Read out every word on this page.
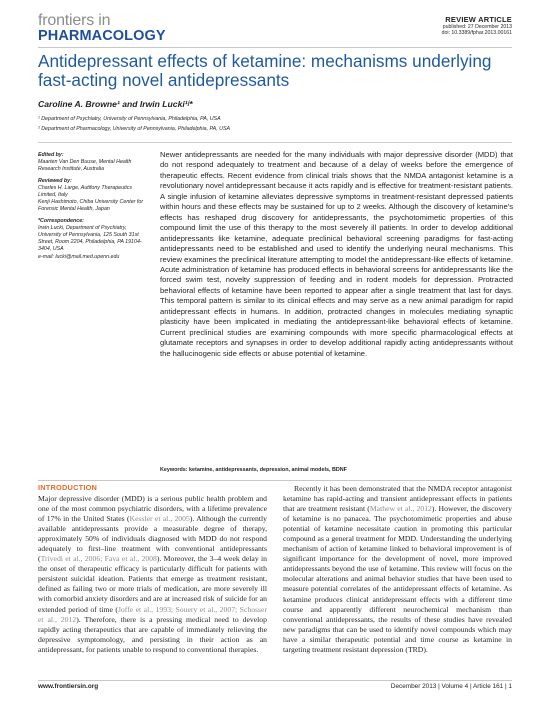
frontiers in
PHARMACOLOGY
REVIEW ARTICLE
published: 27 December 2013
doi: 10.3389/fphar.2013.00161
Antidepressant effects of ketamine: mechanisms underlying fast-acting novel antidepressants
Caroline A. Browne¹ and Irwin Lucki¹ʲ*
¹ Department of Psychiatry, University of Pennsylvania, Philadelphia, PA, USA
² Department of Pharmacology, University of Pennsylvania, Philadelphia, PA, USA
Edited by:
Maarten Van Den Buuse, Mental Health Research Institute, Australia
Reviewed by:
Charles H. Large, Autifony Therapeutics Limited, Italy
Kenji Hashimoto, Chiba University Center for Forensic Mental Health, Japan
*Correspondence:
Irwin Lucki, Department of Psychiatry, University of Pennsylvania, 125 South 31st Street, Room 2204, Philadelphia, PA 19104-3404, USA
e-mail: lucki@mail.med.upenn.edu
Newer antidepressants are needed for the many individuals with major depressive disorder (MDD) that do not respond adequately to treatment and because of a delay of weeks before the emergence of therapeutic effects. Recent evidence from clinical trials shows that the NMDA antagonist ketamine is a revolutionary novel antidepressant because it acts rapidly and is effective for treatment-resistant patients. A single infusion of ketamine alleviates depressive symptoms in treatment-resistant depressed patients within hours and these effects may be sustained for up to 2 weeks. Although the discovery of ketamine's effects has reshaped drug discovery for antidepressants, the psychotomimetic properties of this compound limit the use of this therapy to the most severely ill patients. In order to develop additional antidepressants like ketamine, adequate preclinical behavioral screening paradigms for fast-acting antidepressants need to be established and used to identify the underlying neural mechanisms. This review examines the preclinical literature attempting to model the antidepressant-like effects of ketamine. Acute administration of ketamine has produced effects in behavioral screens for antidepressants like the forced swim test, novelty suppression of feeding and in rodent models for depression. Protracted behavioral effects of ketamine have been reported to appear after a single treatment that last for days. This temporal pattern is similar to its clinical effects and may serve as a new animal paradigm for rapid antidepressant effects in humans. In addition, protracted changes in molecules mediating synaptic plasticity have been implicated in mediating the antidepressant-like behavioral effects of ketamine. Current preclinical studies are examining compounds with more specific pharmacological effects at glutamate receptors and synapses in order to develop additional rapidly acting antidepressants without the hallucinogenic side effects or abuse potential of ketamine.
Keywords: ketamine, antidepressants, depression, animal models, BDNF
INTRODUCTION

Major depressive disorder (MDD) is a serious public health problem and one of the most common psychiatric disorders, with a lifetime prevalence of 17% in the United States (Kessler et al., 2005). Although the currently available antidepressants provide a measurable degree of therapy, approximately 50% of individuals diagnosed with MDD do not respond adequately to first–line treatment with conventional antidepressants (Trivedi et al., 2006; Fava et al., 2008). Moreover, the 3–4 week delay in the onset of therapeutic efficacy is particularly difficult for patients with persistent suicidal ideation. Patients that emerge as treatment resistant, defined as failing two or more trials of medication, are more severely ill with comorbid anxiety disorders and are at increased risk of suicide for an extended period of time (Joffe et al., 1993; Souery et al., 2007; Schosser et al., 2012). Therefore, there is a pressing medical need to develop rapidly acting therapeutics that are capable of immediately relieving the depressive symptomology, and persisting in their action as an antidepressant, for patients unable to respond to conventional therapies.

Recently it has been demonstrated that the NMDA receptor antagonist ketamine has rapid-acting and transient antidepressant effects in patients that are treatment resistant (Mathew et al., 2012). However, the discovery of ketamine is no panacea. The psychotomimetic properties and abuse potential of ketamine necessitate caution in promoting this particular compound as a general treatment for MDD. Understanding the underlying mechanism of action of ketamine linked to behavioral improvement is of significant importance for the development of novel, more improved antidepressants beyond the use of ketamine. This review will focus on the molecular alterations and animal behavior studies that have been used to measure potential correlates of the antidepressant effects of ketamine. As ketamine produces clinical antidepressant effects with a different time course and apparently different neurochemical mechanism than conventional antidepressants, the results of these studies have revealed new paradigms that can be used to identify novel compounds which may have a similar therapeutic potential and time course as ketamine in targeting treatment resistant depression (TRD).

www.frontiersin.org	December 2013 | Volume 4 | Article 161 | 1
